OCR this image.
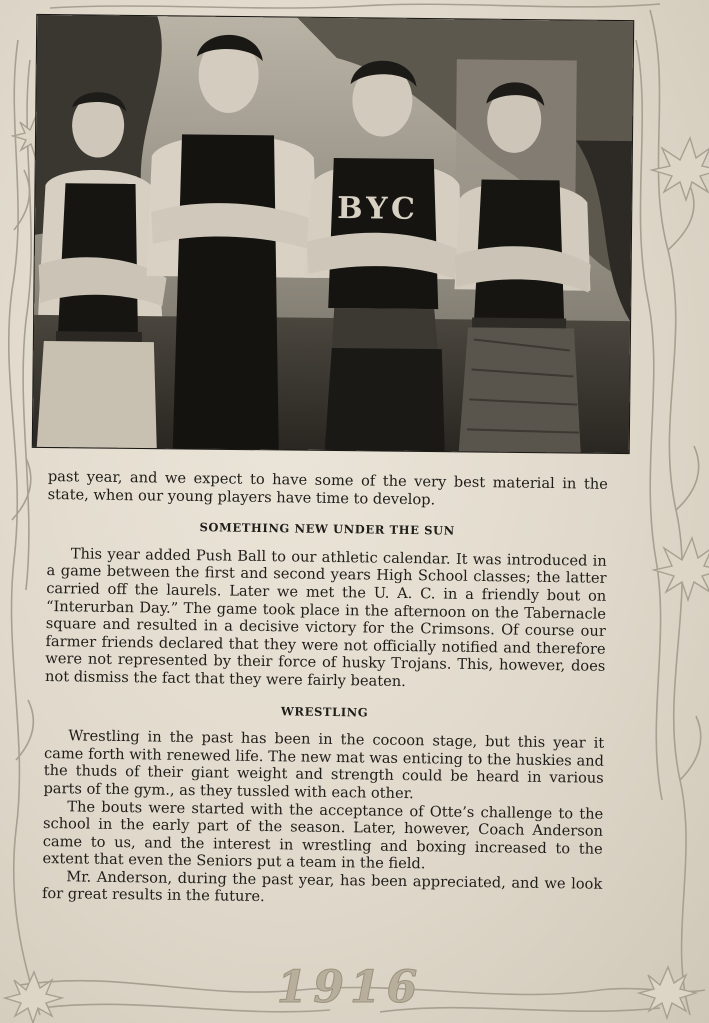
BYC

past year, and we expect to have some of the very best material in the state, when our young players have time to develop.

SOMETHING NEW UNDER THE SUN

This year added Push Ball to our athletic calendar. It was introduced in a game between the first and second years High School classes; the latter carried off the laurels. Later we met the U. A. C. in a friendly bout on “Interurban Day.” The game took place in the afternoon on the Tabernacle square and resulted in a decisive victory for the Crimsons. Of course our farmer friends declared that they were not officially notified and therefore were not represented by their force of husky Trojans. This, however, does not dismiss the fact that they were fairly beaten.

WRESTLING

Wrestling in the past has been in the cocoon stage, but this year it came forth with renewed life. The new mat was enticing to the huskies and the thuds of their giant weight and strength could be heard in various parts of the gym., as they tussled with each other.

The bouts were started with the acceptance of Otte’s challenge to the school in the early part of the season. Later, however, Coach Anderson came to us, and the interest in wrestling and boxing increased to the extent that even the Seniors put a team in the field.

Mr. Anderson, during the past year, has been appreciated, and we look for great results in the future.

1916
